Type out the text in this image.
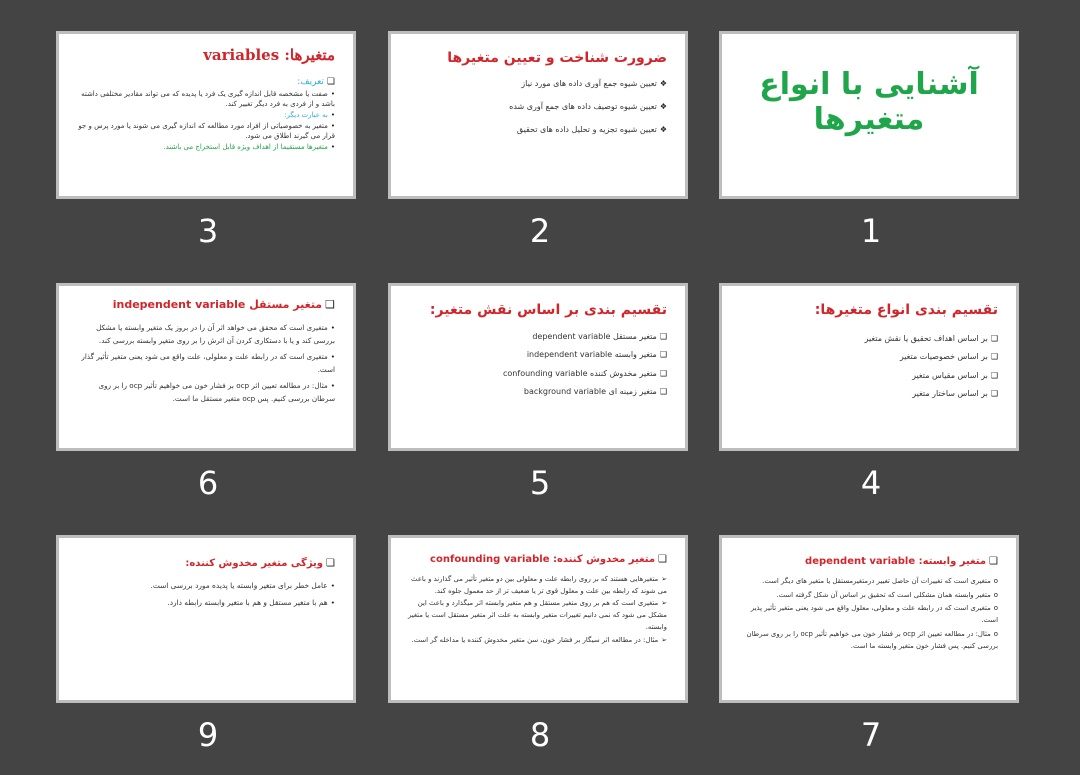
آشنایی با انواع
متغیرها
1
ضرورت شناخت و تعیین متغیرها

❖تعیین شیوه جمع آوری داده های مورد نیاز

❖تعیین شیوه توصیف داده های جمع آوری شده

❖تعیین شیوه تجزیه و تحلیل داده های تحقیق

2
متغیرها: variables

❑تعریف:

•صفت یا مشخصه قابل اندازه گیری یک فرد یا پدیده که می تواند مقادیر مختلفی داشته باشد و از فردی به فرد دیگر تغییر کند.

•به عبارت دیگر:

•متغیر به خصوصیاتی از افراد مورد مطالعه که اندازه گیری می شوند یا مورد پرس و جو قرار می گیرند اطلاق می شود.

•متغیرها مستقیما از اهداف ویژه قابل استخراج می باشند.

3
تقسیم بندی انواع متغیرها:

❑بر اساس اهداف تحقیق یا نقش متغیر

❑بر اساس خصوصیات متغیر

❑بر اساس مقیاس متغیر

❑بر اساس ساختار متغیر

4
تقسیم بندی بر اساس نقش متغیر:

❑متغیر مستقل dependent variable

❑متغیر وابسته independent variable

❑متغیر مخدوش کننده confounding variable

❑متغیر زمینه ای background variable

5
❑متغیر مستقل independent variable

•متغیری است که محقق می خواهد اثر آن را در بروز یک متغیر وابسته یا مشکل بررسی کند و یا با دستکاری کردن آن اثرش را بر روی متغیر وابسته بررسی کند.

•متغیری است که در رابطه علت و معلولی، علت واقع می شود یعنی متغیر تأثیر گذار است.

•مثال: در مطالعه تعیین اثر ocp بر فشار خون می خواهیم تأثیر ocp را بر روی سرطان بررسی کنیم. پس ocp متغیر مستقل ما است.

6
❑متغیر وابسته: dependent variable

oمتغیری است که تغییرات آن حاصل تغییر درمتغیرمستقل یا متغیر های دیگر است.

oمتغیر وابسته همان مشکلی است که تحقیق بر اساس آن شکل گرفته است.

oمتغیری است که در رابطه علت و معلولی، معلول واقع می شود یعنی متغیر تأثیر پذیر است.

oمثال: در مطالعه تعیین اثر ocp بر فشار خون می خواهیم تأثیر ocp را بر روی سرطان بررسی کنیم. پس فشار خون متغیر وابسته ما است.

7
❑متغیر مخدوش کننده: confounding variable

➢متغیرهایی هستند که بر روی رابطه علت و معلولی بین دو متغیر تأثیر می گذارند و باعث می شوند که رابطه بین علت و معلول قوی تر یا ضعیف تر از حد معمول جلوه کند.

➢متغیری است که هم بر روی متغیر مستقل و هم متغیر وابسته اثر میگذارد و باعث این مشکل می شود که نمی دانیم تغییرات متغیر وابسته به علت اثر متغیر مستقل است یا متغیر وابسته.

➢مثال: در مطالعه اثر سیگار بر فشار خون، سن متغیر مخدوش کننده یا مداخله گر است.

8
❑ویژگی متغیر مخدوش کننده:

•عامل خطر برای متغیر وابسته یا پدیده مورد بررسی است.

•هم با متغیر مستقل و هم با متغیر وابسته رابطه دارد.

9
